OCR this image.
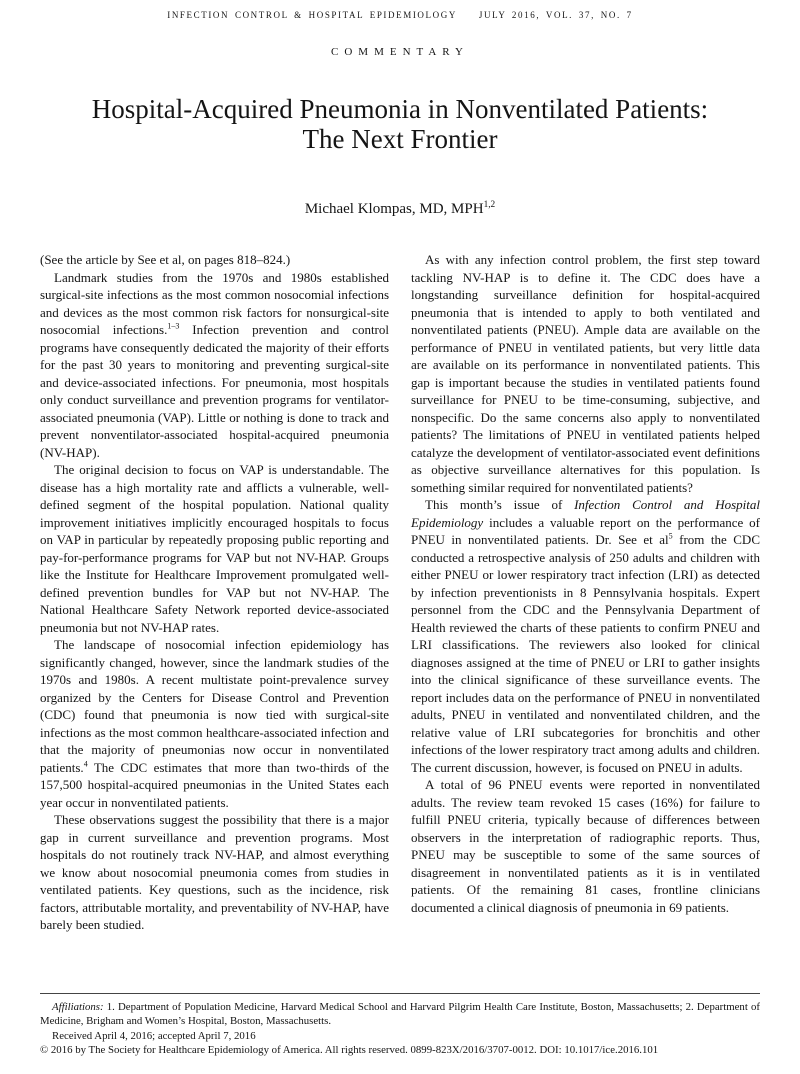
INFECTION CONTROL & HOSPITAL EPIDEMIOLOGY JULY 2016, VOL. 37, NO. 7
COMMENTARY
Hospital-Acquired Pneumonia in Nonventilated Patients:
The Next Frontier
Michael Klompas, MD, MPH$^{1,2}$

(See the article by See et al, on pages 818–824.)

Landmark studies from the 1970s and 1980s established surgical-site infections as the most common nosocomial infections and devices as the most common risk factors for nonsurgical-site nosocomial infections.$^{1-3}$ Infection prevention and control programs have consequently dedicated the majority of their efforts for the past 30 years to monitoring and preventing surgical-site and device-associated infections. For pneumonia, most hospitals only conduct surveillance and prevention programs for ventilator-associated pneumonia (VAP). Little or nothing is done to track and prevent nonventilator-associated hospital-acquired pneumonia (NV-HAP).

The original decision to focus on VAP is understandable. The disease has a high mortality rate and afflicts a vulnerable, well-defined segment of the hospital population. National quality improvement initiatives implicitly encouraged hospitals to focus on VAP in particular by repeatedly proposing public reporting and pay-for-performance programs for VAP but not NV-HAP. Groups like the Institute for Healthcare Improvement promulgated well-defined prevention bundles for VAP but not NV-HAP. The National Healthcare Safety Network reported device-associated pneumonia but not NV-HAP rates.

The landscape of nosocomial infection epidemiology has significantly changed, however, since the landmark studies of the 1970s and 1980s. A recent multistate point-prevalence survey organized by the Centers for Disease Control and Prevention (CDC) found that pneumonia is now tied with surgical-site infections as the most common healthcare-associated infection and that the majority of pneumonias now occur in nonventilated patients.$^4$ The CDC estimates that more than two-thirds of the 157,500 hospital-acquired pneumonias in the United States each year occur in nonventilated patients.

These observations suggest the possibility that there is a major gap in current surveillance and prevention programs. Most hospitals do not routinely track NV-HAP, and almost everything we know about nosocomial pneumonia comes from studies in ventilated patients. Key questions, such as the incidence, risk factors, attributable mortality, and preventability of NV-HAP, have barely been studied.

As with any infection control problem, the first step toward tackling NV-HAP is to define it. The CDC does have a longstanding surveillance definition for hospital-acquired pneumonia that is intended to apply to both ventilated and nonventilated patients (PNEU). Ample data are available on the performance of PNEU in ventilated patients, but very little data are available on its performance in nonventilated patients. This gap is important because the studies in ventilated patients found surveillance for PNEU to be time-consuming, subjective, and nonspecific. Do the same concerns also apply to nonventilated patients? The limitations of PNEU in ventilated patients helped catalyze the development of ventilator-associated event definitions as objective surveillance alternatives for this population. Is something similar required for nonventilated patients?

This month’s issue of Infection Control and Hospital Epidemiology includes a valuable report on the performance of PNEU in nonventilated patients. Dr. See et $al^5$ from the CDC conducted a retrospective analysis of 250 adults and children with either PNEU or lower respiratory tract infection (LRI) as detected by infection preventionists in 8 Pennsylvania hospitals. Expert personnel from the CDC and the Pennsylvania Department of Health reviewed the charts of these patients to confirm PNEU and LRI classifications. The reviewers also looked for clinical diagnoses assigned at the time of PNEU or LRI to gather insights into the clinical significance of these surveillance events. The report includes data on the performance of PNEU in nonventilated adults, PNEU in ventilated and nonventilated children, and the relative value of LRI subcategories for bronchitis and other infections of the lower respiratory tract among adults and children. The current discussion, however, is focused on PNEU in adults.

A total of 96 PNEU events were reported in nonventilated adults. The review team revoked 15 cases (16%) for failure to fulfill PNEU criteria, typically because of differences between observers in the interpretation of radiographic reports. Thus, PNEU may be susceptible to some of the same sources of disagreement in nonventilated patients as it is in ventilated patients. Of the remaining 81 cases, frontline clinicians documented a clinical diagnosis of pneumonia in 69 patients.

Affiliations: 1. Department of Population Medicine, Harvard Medical School and Harvard Pilgrim Health Care Institute, Boston, Massachusetts; 2. Department of Medicine, Brigham and Women’s Hospital, Boston, Massachusetts.

Received April 4, 2016; accepted April 7, 2016

© 2016 by The Society for Healthcare Epidemiology of America. All rights reserved. 0899-823X/2016/3707-0012. DOI: 10.1017/ice.2016.101
